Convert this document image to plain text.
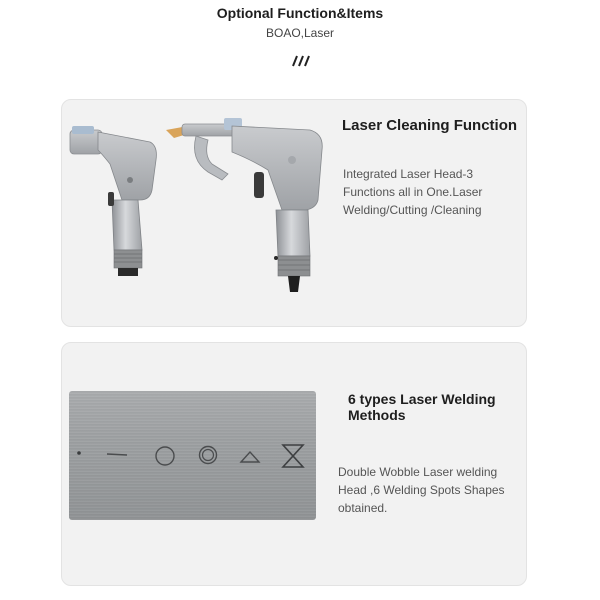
Optional Function&Items
BOAO,Laser
Laser Cleaning Function
Integrated Laser Head-3 Functions all in One.Laser Welding/Cutting /Cleaning
6 types Laser Welding Methods
Double Wobble Laser welding Head ,6 Welding Spots Shapes obtained.
